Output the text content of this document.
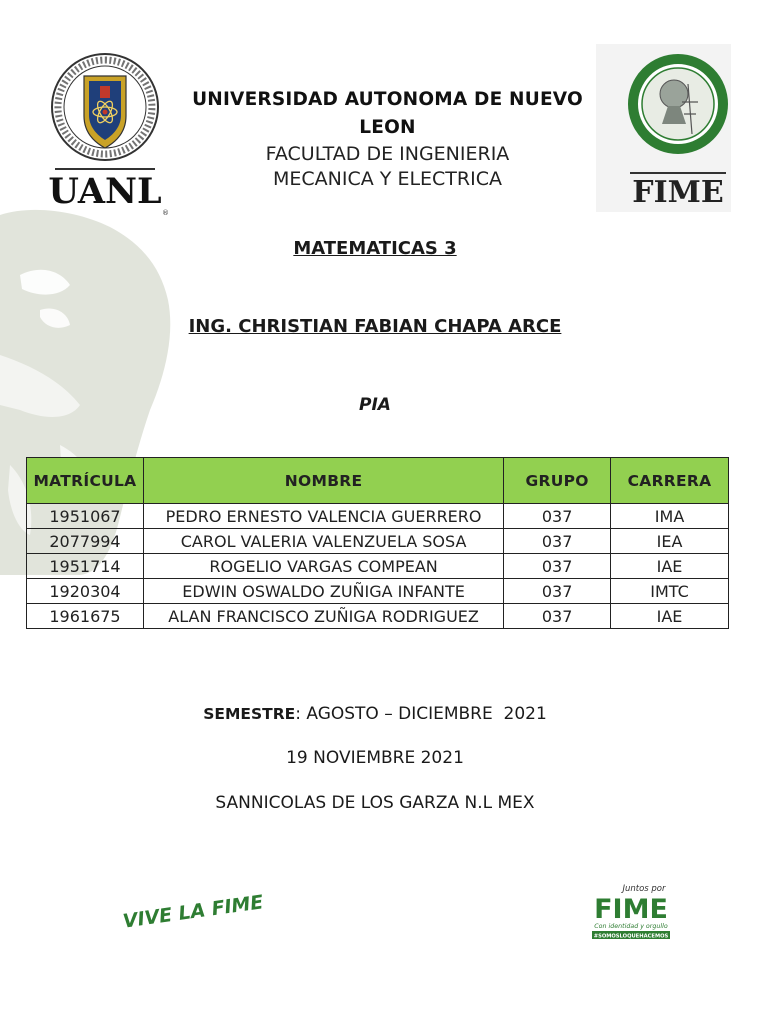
UANL
®
FIME
UNIVERSIDAD AUTONOMA DE NUEVO LEON
FACULTAD DE INGENIERIA
MECANICA Y ELECTRICA
MATEMATICAS 3
ING. CHRISTIAN FABIAN CHAPA ARCE
PIA
MATRÍCULA	NOMBRE	GRUPO	CARRERA
1951067	PEDRO ERNESTO VALENCIA GUERRERO	037	IMA
2077994	CAROL VALERIA VALENZUELA SOSA	037	IEA
1951714	ROGELIO VARGAS COMPEAN	037	IAE
1920304	EDWIN OSWALDO ZUÑIGA INFANTE	037	IMTC
1961675	ALAN FRANCISCO ZUÑIGA RODRIGUEZ	037	IAE
SEMESTRE: AGOSTO – DICIEMBRE  2021
19 NOVIEMBRE 2021
SANNICOLAS DE LOS GARZA N.L MEX
VIVE LA FIME
Juntos por
FIME
Con identidad y orgullo
#SOMOSLOQUEHACEMOS
